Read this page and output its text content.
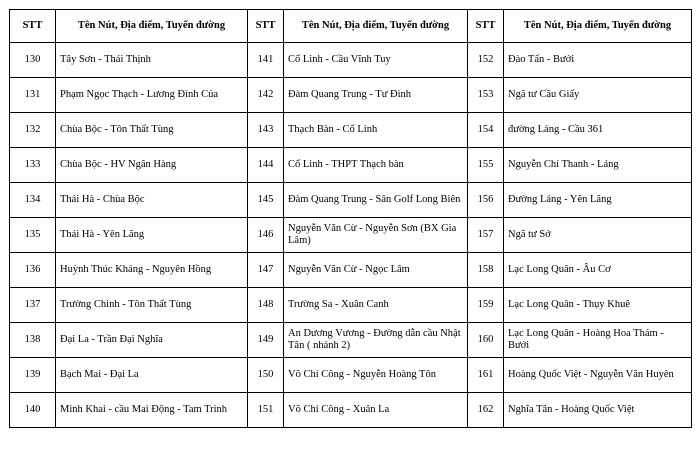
STT	Tên Nút, Địa điểm, Tuyến đường	STT	Tên Nút, Địa điểm, Tuyến đường	STT	Tên Nút, Địa điểm, Tuyến đường
130	Tây Sơn - Thái Thịnh	141	Cổ Linh - Cầu Vĩnh Tuy	152	Đào Tấn - Bưởi
131	Phạm Ngọc Thạch - Lương Đình Của	142	Đàm Quang Trung - Tư Đình	153	Ngã tư Cầu Giấy
132	Chùa Bộc - Tôn Thất Tùng	143	Thạch Bàn - Cổ Linh	154	đường Láng - Cầu 361
133	Chùa Bộc - HV Ngân Hàng	144	Cổ Linh - THPT Thạch bàn	155	Nguyễn Chí Thanh - Láng
134	Thái Hà - Chùa Bộc	145	Đàm Quang Trung - Sân Golf Long Biên	156	Đường Láng - Yên Lãng
135	Thái Hà - Yên Lãng	146	Nguyễn Văn Cừ - Nguyễn Sơn (BX Gia Lâm)	157	Ngã tư Sở
136	Huỳnh Thúc Kháng - Nguyên Hồng	147	Nguyễn Văn Cừ - Ngọc Lâm	158	Lạc Long Quân - Âu Cơ
137	Trường Chinh - Tôn Thất Tùng	148	Trường Sa - Xuân Canh	159	Lạc Long Quân - Thụy Khuê
138	Đại La - Trần Đại Nghĩa	149	An Dương Vương - Đường dẫn cầu Nhật Tân ( nhánh 2)	160	Lạc Long Quân - Hoàng Hoa Thám - Bưởi
139	Bạch Mai - Đại La	150	Võ Chí Công - Nguyễn Hoàng Tôn	161	Hoàng Quốc Việt - Nguyễn Văn Huyên
140	Minh Khai - cầu Mai Động - Tam Trinh	151	Võ Chí Công - Xuân La	162	Nghĩa Tân - Hoàng Quốc Việt
